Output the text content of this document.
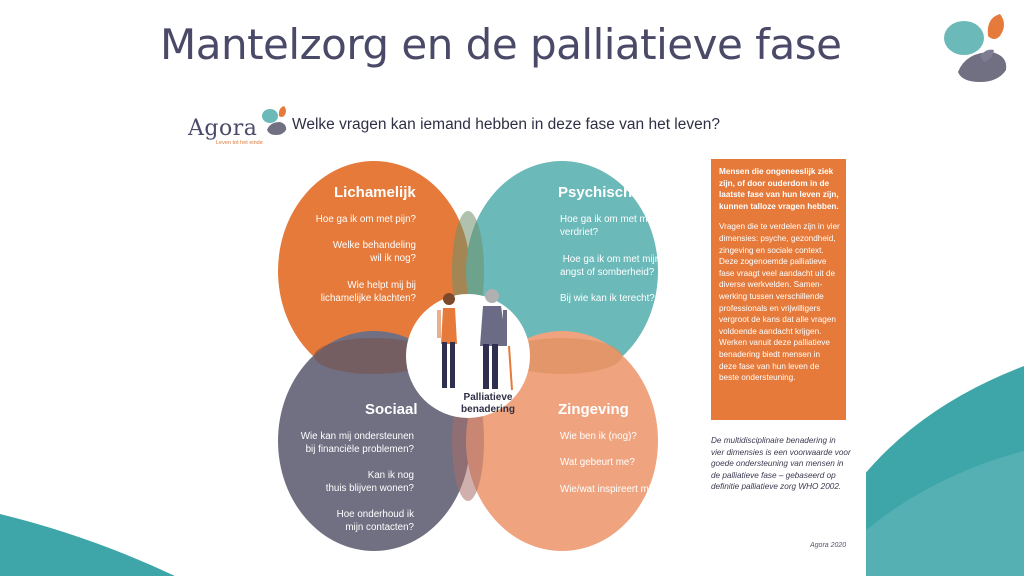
Mantelzorg en de palliatieve fase
Agora
Leven tot het einde
Welke vragen kan iemand hebben in deze fase van het leven?
Palliatieve
benadering
Lichamelijk
Hoe ga ik om met pijn?
Welke behandeling
wil ik nog?
Wie helpt mij bij
lichamelijke klachten?
Psychisch
Hoe ga ik om met mijn
verdriet?
Hoe ga ik om met mijn
angst of somberheid?
Bij wie kan ik terecht?
Sociaal
Wie kan mij ondersteunen
bij financiële problemen?
Kan ik nog
thuis blijven wonen?
Hoe onderhoud ik
mijn contacten?
Zingeving
Wie ben ik (nog)?
Wat gebeurt me?
Wie/wat inspireert mij?
Mensen die ongeneeslijk ziek zijn, of door ouderdom in de laatste fase van hun leven zijn, kunnen talloze vragen hebben.
Vragen die te verdelen zijn in vier dimensies: psyche, gezondheid, zingeving en sociale context. Deze zogenoemde palliatieve fase vraagt veel aandacht uit de diverse werkvelden. Samen-werking tussen verschillende professionals en vrijwilligers vergroot de kans dat alle vragen voldoende aandacht krijgen. Werken vanuit deze palliatieve benadering biedt mensen in deze fase van hun leven de beste ondersteuning.
De multidisciplinaire benadering in vier dimensies is een voorwaarde voor goede ondersteuning van mensen in de palliatieve fase – gebaseerd op definitie palliatieve zorg WHO 2002.
Agora 2020
